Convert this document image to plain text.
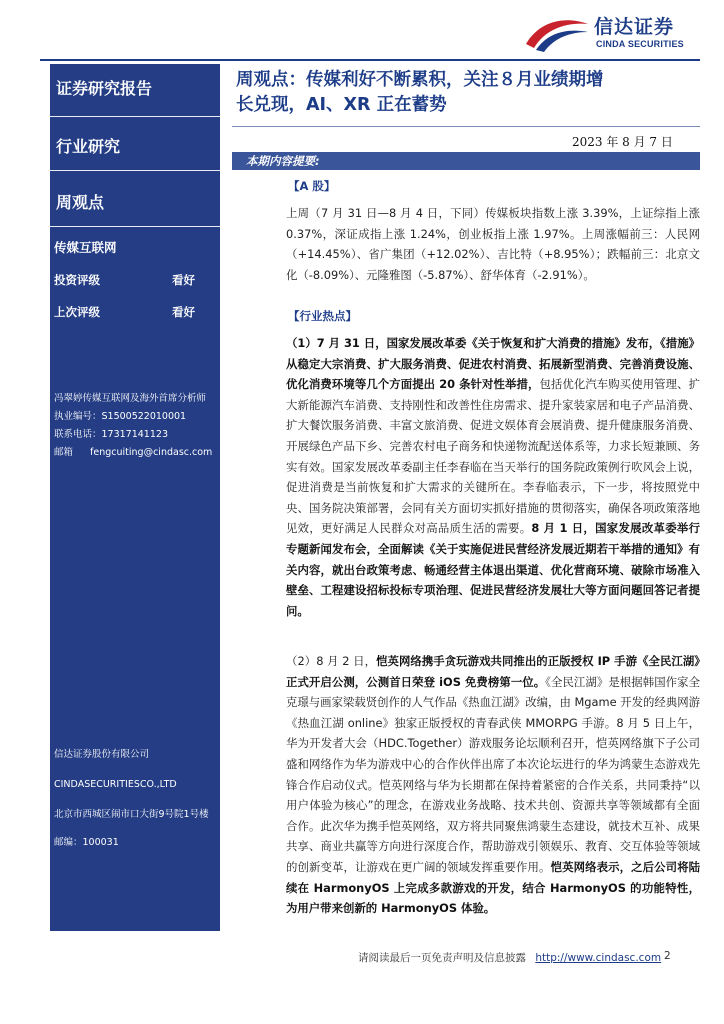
信达证券
CINDA SECURITIES
证券研究报告
行业研究
周观点
传媒互联网
投资评级	看好
上次评级	看好
冯翠婷传媒互联网及海外首席分析师
执业编号：S1500522010001
联系电话：17317141123
邮箱 fengcuiting@cindasc.com
信达证券股份有限公司
CINDASECURITIESCO.,LTD
北京市西城区闹市口大街9号院1号楼
邮编：100031
周观点：传媒利好不断累积，关注８月业绩期增
长兑现，AI、XR 正在蓄势
2023 年 8 月 7 日
本期内容提要:
【A 股】
上周（7 月 31 日—8 月 4 日，下同）传媒板块指数上涨 3.39%，上证综指上涨 0.37%，深证成指上涨 1.24%，创业板指上涨 1.97%。上周涨幅前三：人民网（+14.45%）、省广集团（+12.02%）、吉比特（+8.95%）；跌幅前三：北京文化（-8.09%）、元隆雅图（-5.87%）、舒华体育（-2.91%）。
【行业热点】
（1）7 月 31 日，国家发展改革委《关于恢复和扩大消费的措施》发布，《措施》从稳定大宗消费、扩大服务消费、促进农村消费、拓展新型消费、完善消费设施、优化消费环境等几个方面提出 20 条针对性举措，包括优化汽车购买使用管理、扩大新能源汽车消费、支持刚性和改善性住房需求、提升家装家居和电子产品消费、扩大餐饮服务消费、丰富文旅消费、促进文娱体育会展消费、提升健康服务消费、开展绿色产品下乡、完善农村电子商务和快递物流配送体系等，力求长短兼顾、务实有效。国家发展改革委副主任李春临在当天举行的国务院政策例行吹风会上说，促进消费是当前恢复和扩大需求的关键所在。李春临表示，下一步，将按照党中央、国务院决策部署，会同有关方面切实抓好措施的贯彻落实，确保各项政策落地见效，更好满足人民群众对高品质生活的需要。8 月 1 日，国家发展改革委举行专题新闻发布会，全面解读《关于实施促进民营经济发展近期若干举措的通知》有关内容，就出台政策考虑、畅通经营主体退出渠道、优化营商环境、破除市场准入壁垒、工程建设招标投标专项治理、促进民营经济发展壮大等方面问题回答记者提问。
（2）8 月 2 日，恺英网络携手贪玩游戏共同推出的正版授权 IP 手游《全民江湖》正式开启公测，公测首日荣登 iOS 免费榜第一位。《全民江湖》是根据韩国作家全克璟与画家梁载贤创作的人气作品《热血江湖》改编，由 Mgame 开发的经典网游《热血江湖 online》独家正版授权的青春武侠 MMORPG 手游。8 月 5 日上午，华为开发者大会（HDC.Together）游戏服务论坛顺利召开，恺英网络旗下子公司盛和网络作为华为游戏中心的合作伙伴出席了本次论坛进行的华为鸿蒙生态游戏先锋合作启动仪式。恺英网络与华为长期都在保持着紧密的合作关系，共同秉持“以用户体验为核心”的理念，在游戏业务战略、技术共创、资源共享等领域都有全面合作。此次华为携手恺英网络，双方将共同聚焦鸿蒙生态建设，就技术互补、成果共享、商业共赢等方向进行深度合作，帮助游戏引领娱乐、教育、交互体验等领域的创新变革，让游戏在更广阔的领域发挥重要作用。恺英网络表示，之后公司将陆续在 HarmonyOS 上完成多款游戏的开发，结合 HarmonyOS 的功能特性，为用户带来创新的 HarmonyOS 体验。
请阅读最后一页免责声明及信息披露 http://www.cindasc.com 2
